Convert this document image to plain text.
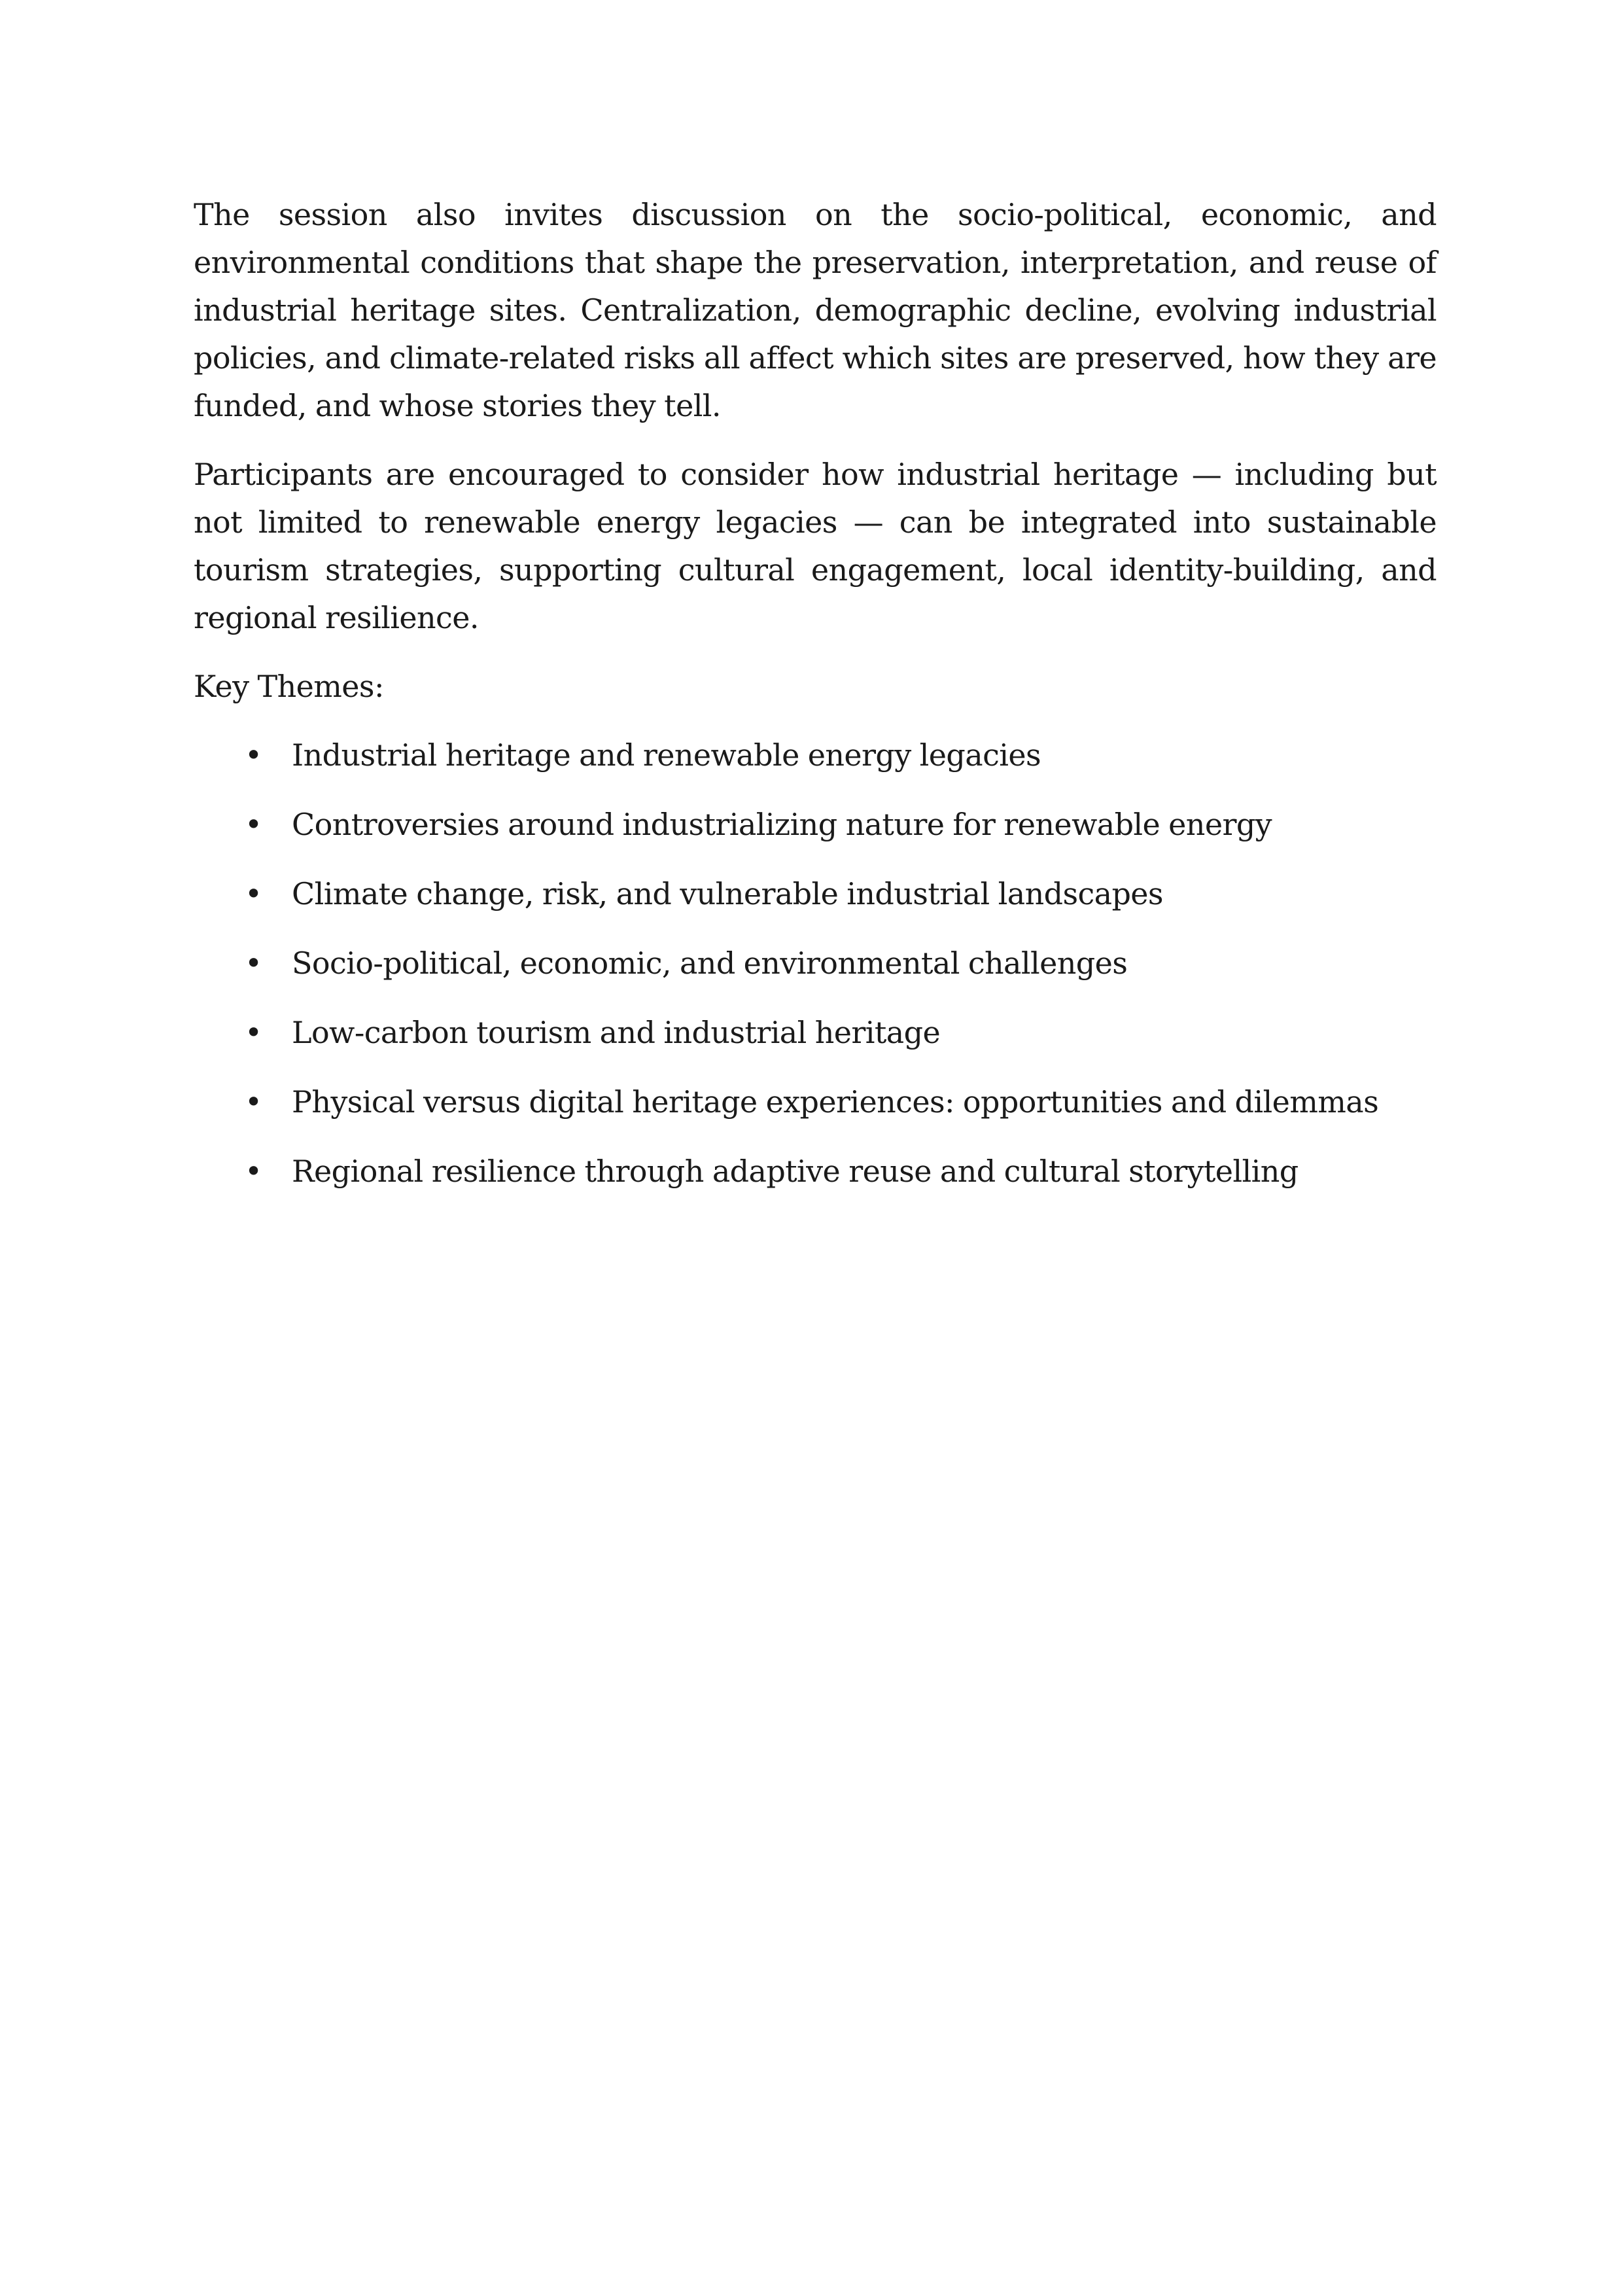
The session also invites discussion on the socio-political, economic, and environmental conditions that shape the preservation, interpretation, and reuse of industrial heritage sites. Centralization, demographic decline, evolving industrial policies, and climate-related risks all affect which sites are preserved, how they are funded, and whose stories they tell.

Participants are encouraged to consider how industrial heritage — including but not limited to renewable energy legacies — can be integrated into sustainable tourism strategies, supporting cultural engagement, local identity-building, and regional resilience.

Key Themes:

• Industrial heritage and renewable energy legacies
• Controversies around industrializing nature for renewable energy
• Climate change, risk, and vulnerable industrial landscapes
• Socio-political, economic, and environmental challenges
• Low-carbon tourism and industrial heritage
• Physical versus digital heritage experiences: opportunities and dilemmas
• Regional resilience through adaptive reuse and cultural storytelling
